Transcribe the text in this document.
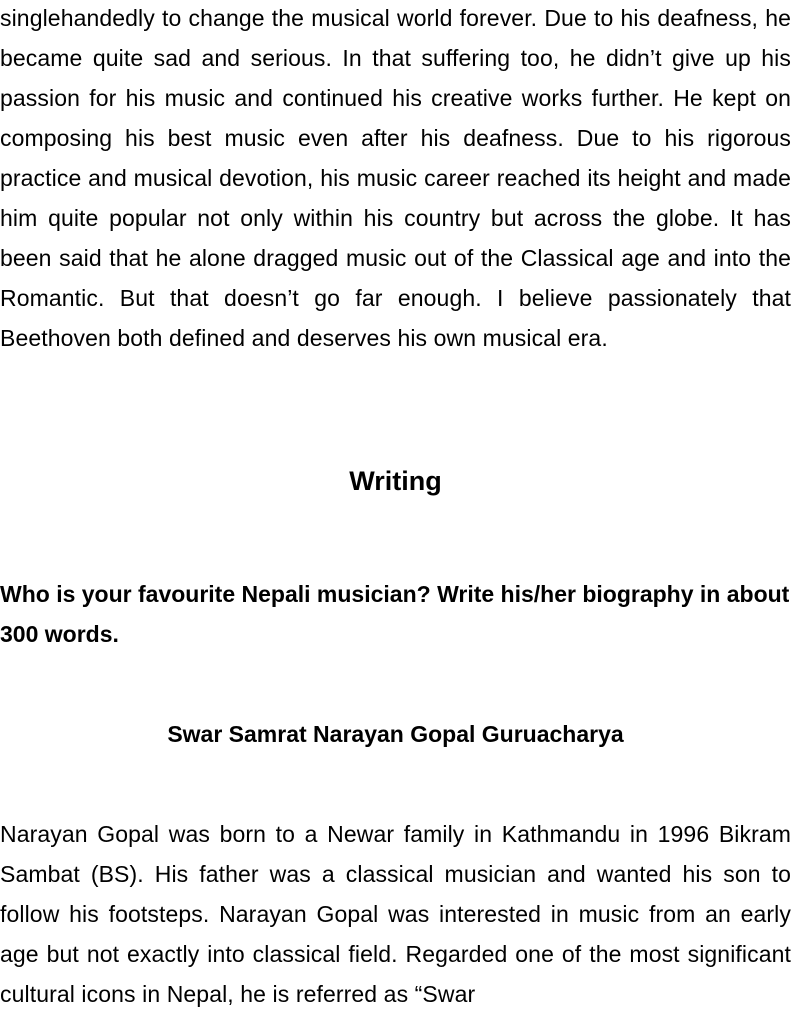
singlehandedly to change the musical world forever. Due to his deafness, he became quite sad and serious. In that suffering too, he didn’t give up his passion for his music and continued his creative works further. He kept on composing his best music even after his deafness. Due to his rigorous practice and musical devotion, his music career reached its height and made him quite popular not only within his country but across the globe. It has been said that he alone dragged music out of the Classical age and into the Romantic. But that doesn’t go far enough. I believe passionately that Beethoven both defined and deserves his own musical era.

Writing

Who is your favourite Nepali musician? Write his/her biography in about 300 words.

Swar Samrat Narayan Gopal Guruacharya

Narayan Gopal was born to a Newar family in Kathmandu in 1996 Bikram Sambat (BS). His father was a classical musician and wanted his son to follow his footsteps. Narayan Gopal was interested in music from an early age but not exactly into classical field. Regarded one of the most significant cultural icons in Nepal, he is referred as “Swar
